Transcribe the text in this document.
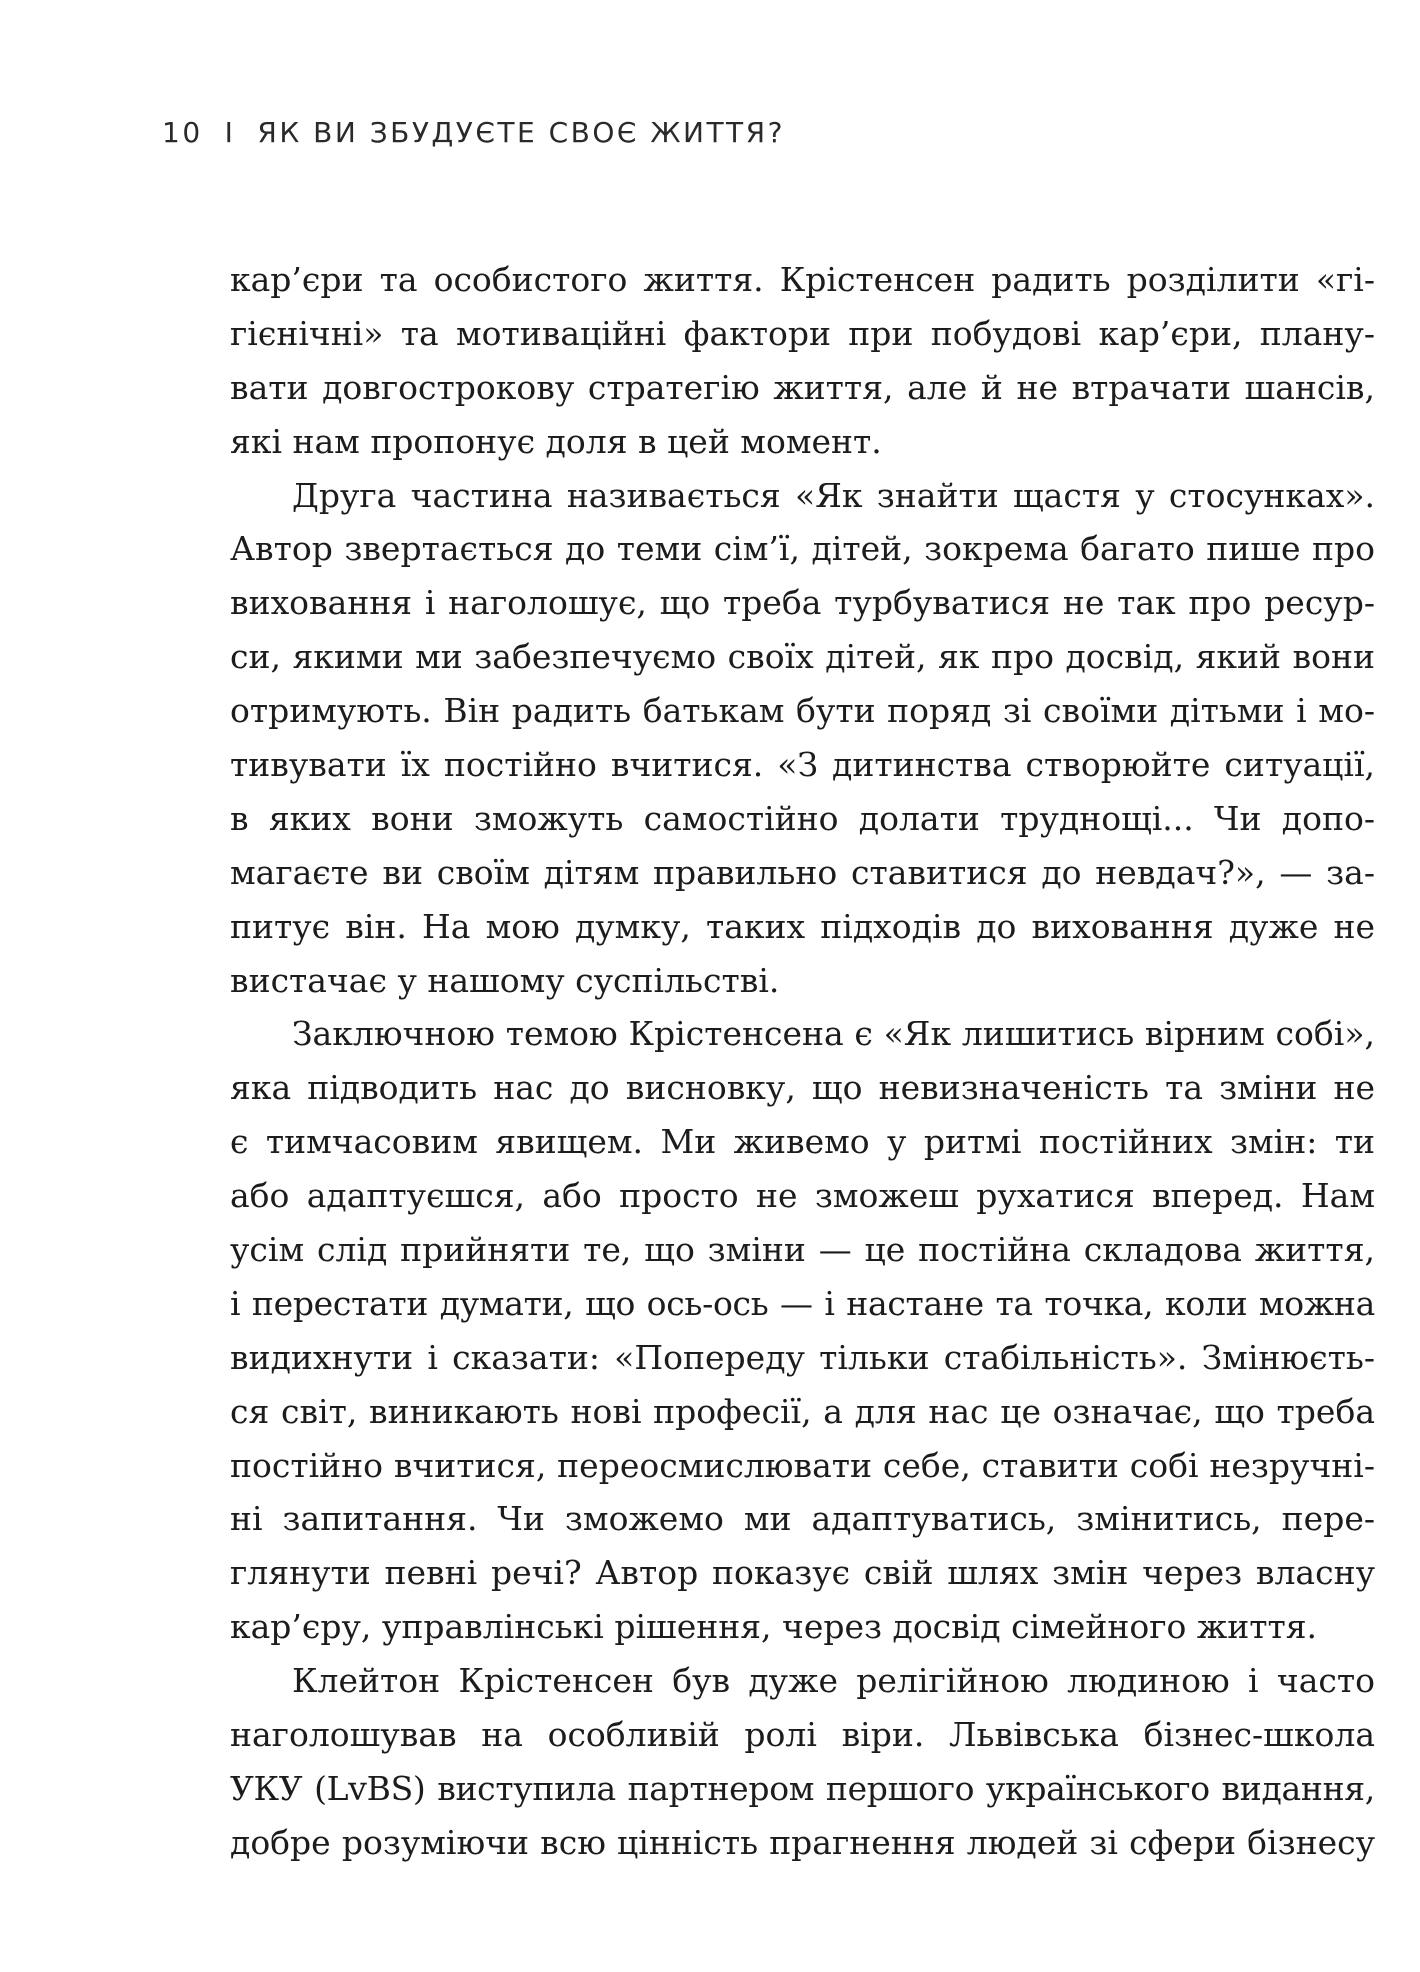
10 I ЯК ВИ ЗБУДУЄТЕ СВОЄ ЖИТТЯ?
кар’єри та особистого життя. Крістенсен радить розділити «гі-
гієнічні» та мотиваційні фактори при побудові кар’єри, плану-
вати довгострокову стратегію життя, але й не втрачати шансів,
які нам пропонує доля в цей момент.
Друга частина називається «Як знайти щастя у стосунках».
Автор звертається до теми сім’ї, дітей, зокрема багато пише про
виховання і наголошує, що треба турбуватися не так про ресур-
си, якими ми забезпечуємо своїх дітей, як про досвід, який вони
отримують. Він радить батькам бути поряд зі своїми дітьми і мо-
тивувати їх постійно вчитися. «З дитинства створюйте ситуації,
в яких вони зможуть самостійно долати труднощі... Чи допо-
магаєте ви своїм дітям правильно ставитися до невдач?», — за-
питує він. На мою думку, таких підходів до виховання дуже не
вистачає у нашому суспільстві.
Заключною темою Крістенсена є «Як лишитись вірним собі»,
яка підводить нас до висновку, що невизначеність та зміни не
є тимчасовим явищем. Ми живемо у ритмі постійних змін: ти
або адаптуєшся, або просто не зможеш рухатися вперед. Нам
усім слід прийняти те, що зміни — це постійна складова життя,
і перестати думати, що ось-ось — і настане та точка, коли можна
видихнути і сказати: «Попереду тільки стабільність». Змінюєть-
ся світ, виникають нові професії, а для нас це означає, що треба
постійно вчитися, переосмислювати себе, ставити собі незручні-
ні запитання. Чи зможемо ми адаптуватись, змінитись, пере-
глянути певні речі? Автор показує свій шлях змін через власну
кар’єру, управлінські рішення, через досвід сімейного життя.
Клейтон Крістенсен був дуже релігійною людиною і часто
наголошував на особливій ролі віри. Львівська бізнес-школа
УКУ (LvBS) виступила партнером першого українського видання,
добре розуміючи всю цінність прагнення людей зі сфери бізнесу
